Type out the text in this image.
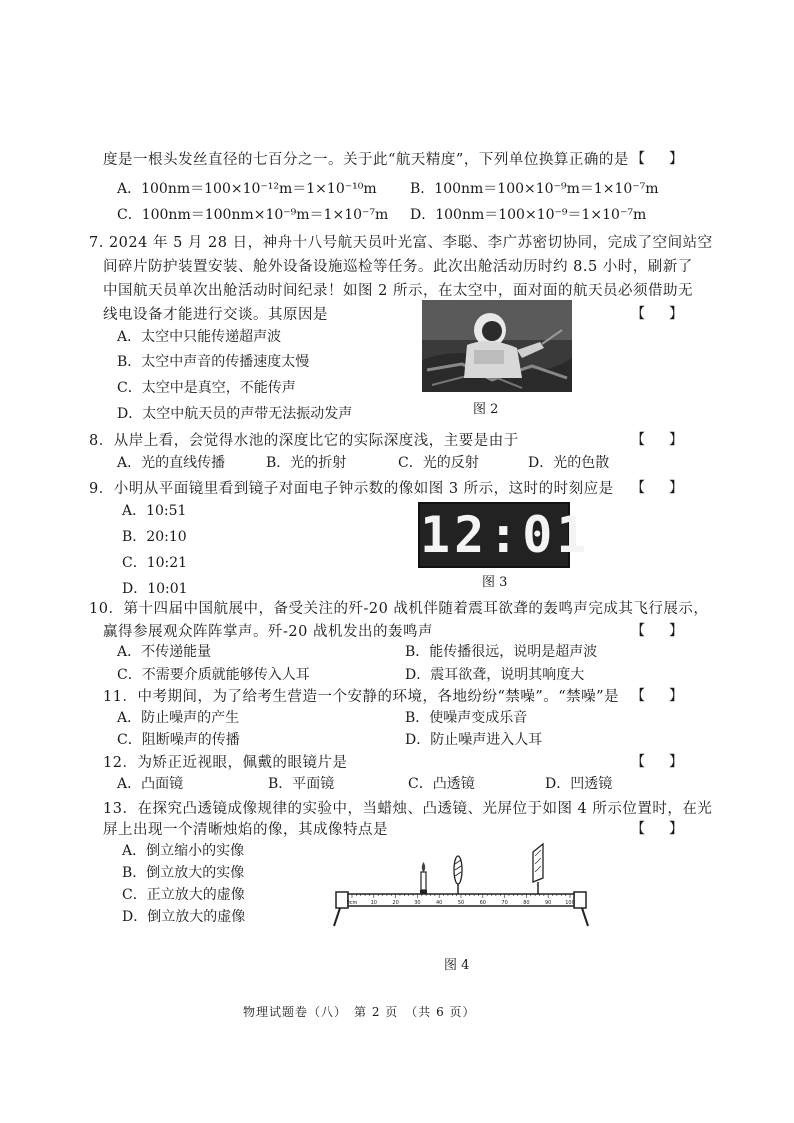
度是一根头发丝直径的七百分之一。关于此“航天精度”，下列单位换算正确的是 【】
A．100nm＝100×10⁻¹²m＝1×10⁻¹⁰m B．100nm＝100×10⁻⁹m＝1×10⁻⁷m
C．100nm＝100nm×10⁻⁹m＝1×10⁻⁷m D．100nm＝100×10⁻⁹＝1×10⁻⁷m
7. 2024 年 5 月 28 日，神舟十八号航天员叶光富、李聪、李广苏密切协同，完成了空间站空
间碎片防护装置安装、舱外设备设施巡检等任务。此次出舱活动历时约 8.5 小时，刷新了
中国航天员单次出舱活动时间纪录！如图 2 所示，在太空中，面对面的航天员必须借助无
线电设备才能进行交谈。其原因是	【】
A．太空中只能传递超声波
B．太空中声音的传播速度太慢
C．太空中是真空，不能传声
D．太空中航天员的声带无法振动发声	图 2
8．从岸上看，会觉得水池的深度比它的实际深度浅，主要是由于	【】
A．光的直线传播	B．光的折射	C．光的反射	D．光的色散
9．小明从平面镜里看到镜子对面电子钟示数的像如图 3 所示，这时的时刻应是 【】
A．10:51
B．20:10
C．10:21
D．10:01
12:01
图 3
10．第十四届中国航展中，备受关注的歼-20 战机伴随着震耳欲聋的轰鸣声完成其飞行展示，
赢得参展观众阵阵掌声。歼-20 战机发出的轰鸣声	【】
A．不传递能量	B．能传播很远，说明是超声波
C．不需要介质就能够传入人耳	D．震耳欲聋，说明其响度大
11．中考期间，为了给考生营造一个安静的环境，各地纷纷“禁噪”。“禁噪”是 【】
A．防止噪声的产生	B．使噪声变成乐音
C．阻断噪声的传播	D．防止噪声进入人耳
12．为矫正近视眼，佩戴的眼镜片是	【】
A．凸面镜	B．平面镜	C．凸透镜	D．凹透镜
13．在探究凸透镜成像规律的实验中，当蜡烛、凸透镜、光屏位于如图 4 所示位置时，在光
屏上出现一个清晰烛焰的像，其成像特点是	【】
A．倒立缩小的实像
B．倒立放大的实像
C．正立放大的虚像
D．倒立放大的虚像
0cm	10	20	30	40	50	60	70	80	90	100
图 4
物理试题卷（八）　第 2 页　（共 6 页）
